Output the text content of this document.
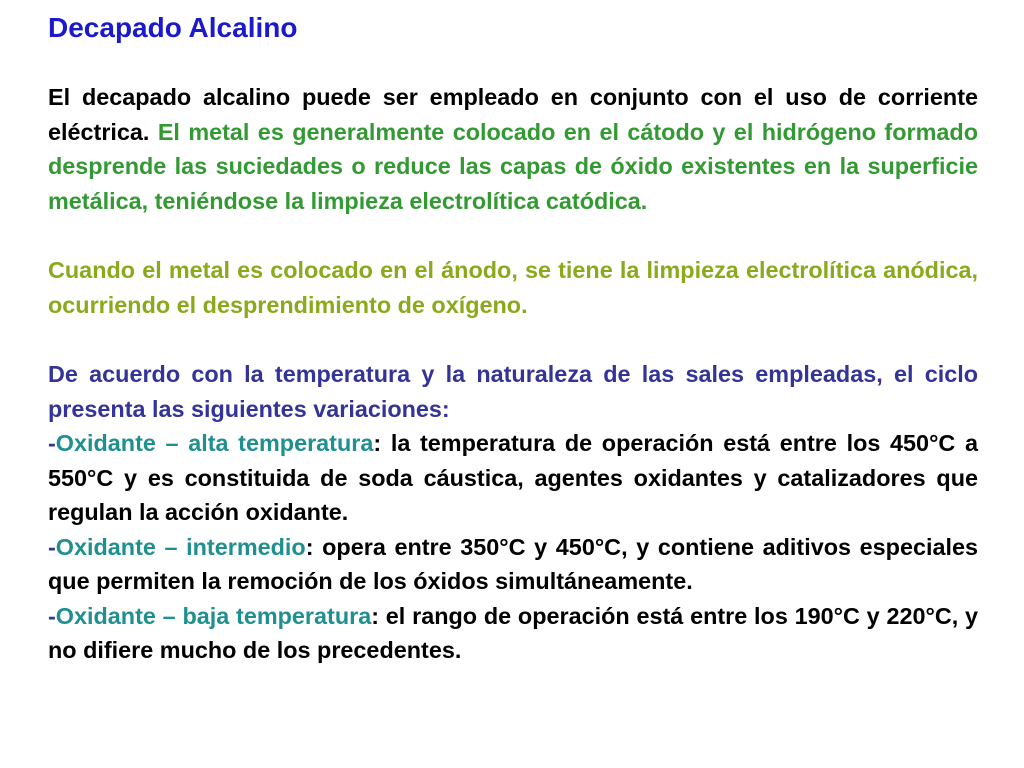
Decapado Alcalino

El decapado alcalino puede ser empleado en conjunto con el uso de corriente eléctrica. El metal es generalmente colocado en el cátodo y el hidrógeno formado desprende las suciedades o reduce las capas de óxido existentes en la superficie metálica, teniéndose la limpieza electrolítica catódica.

Cuando el metal es colocado en el ánodo, se tiene la limpieza electrolítica anódica, ocurriendo el desprendimiento de oxígeno.

De acuerdo con la temperatura y la naturaleza de las sales empleadas, el ciclo presenta las siguientes variaciones:

-Oxidante – alta temperatura: la temperatura de operación está entre los 450°C a 550°C y es constituida de soda cáustica, agentes oxidantes y catalizadores que regulan la acción oxidante.

-Oxidante – intermedio: opera entre 350°C y 450°C, y contiene aditivos especiales que permiten la remoción de los óxidos simultáneamente.

-Oxidante – baja temperatura: el rango de operación está entre los 190°C y 220°C, y no difiere mucho de los precedentes.
